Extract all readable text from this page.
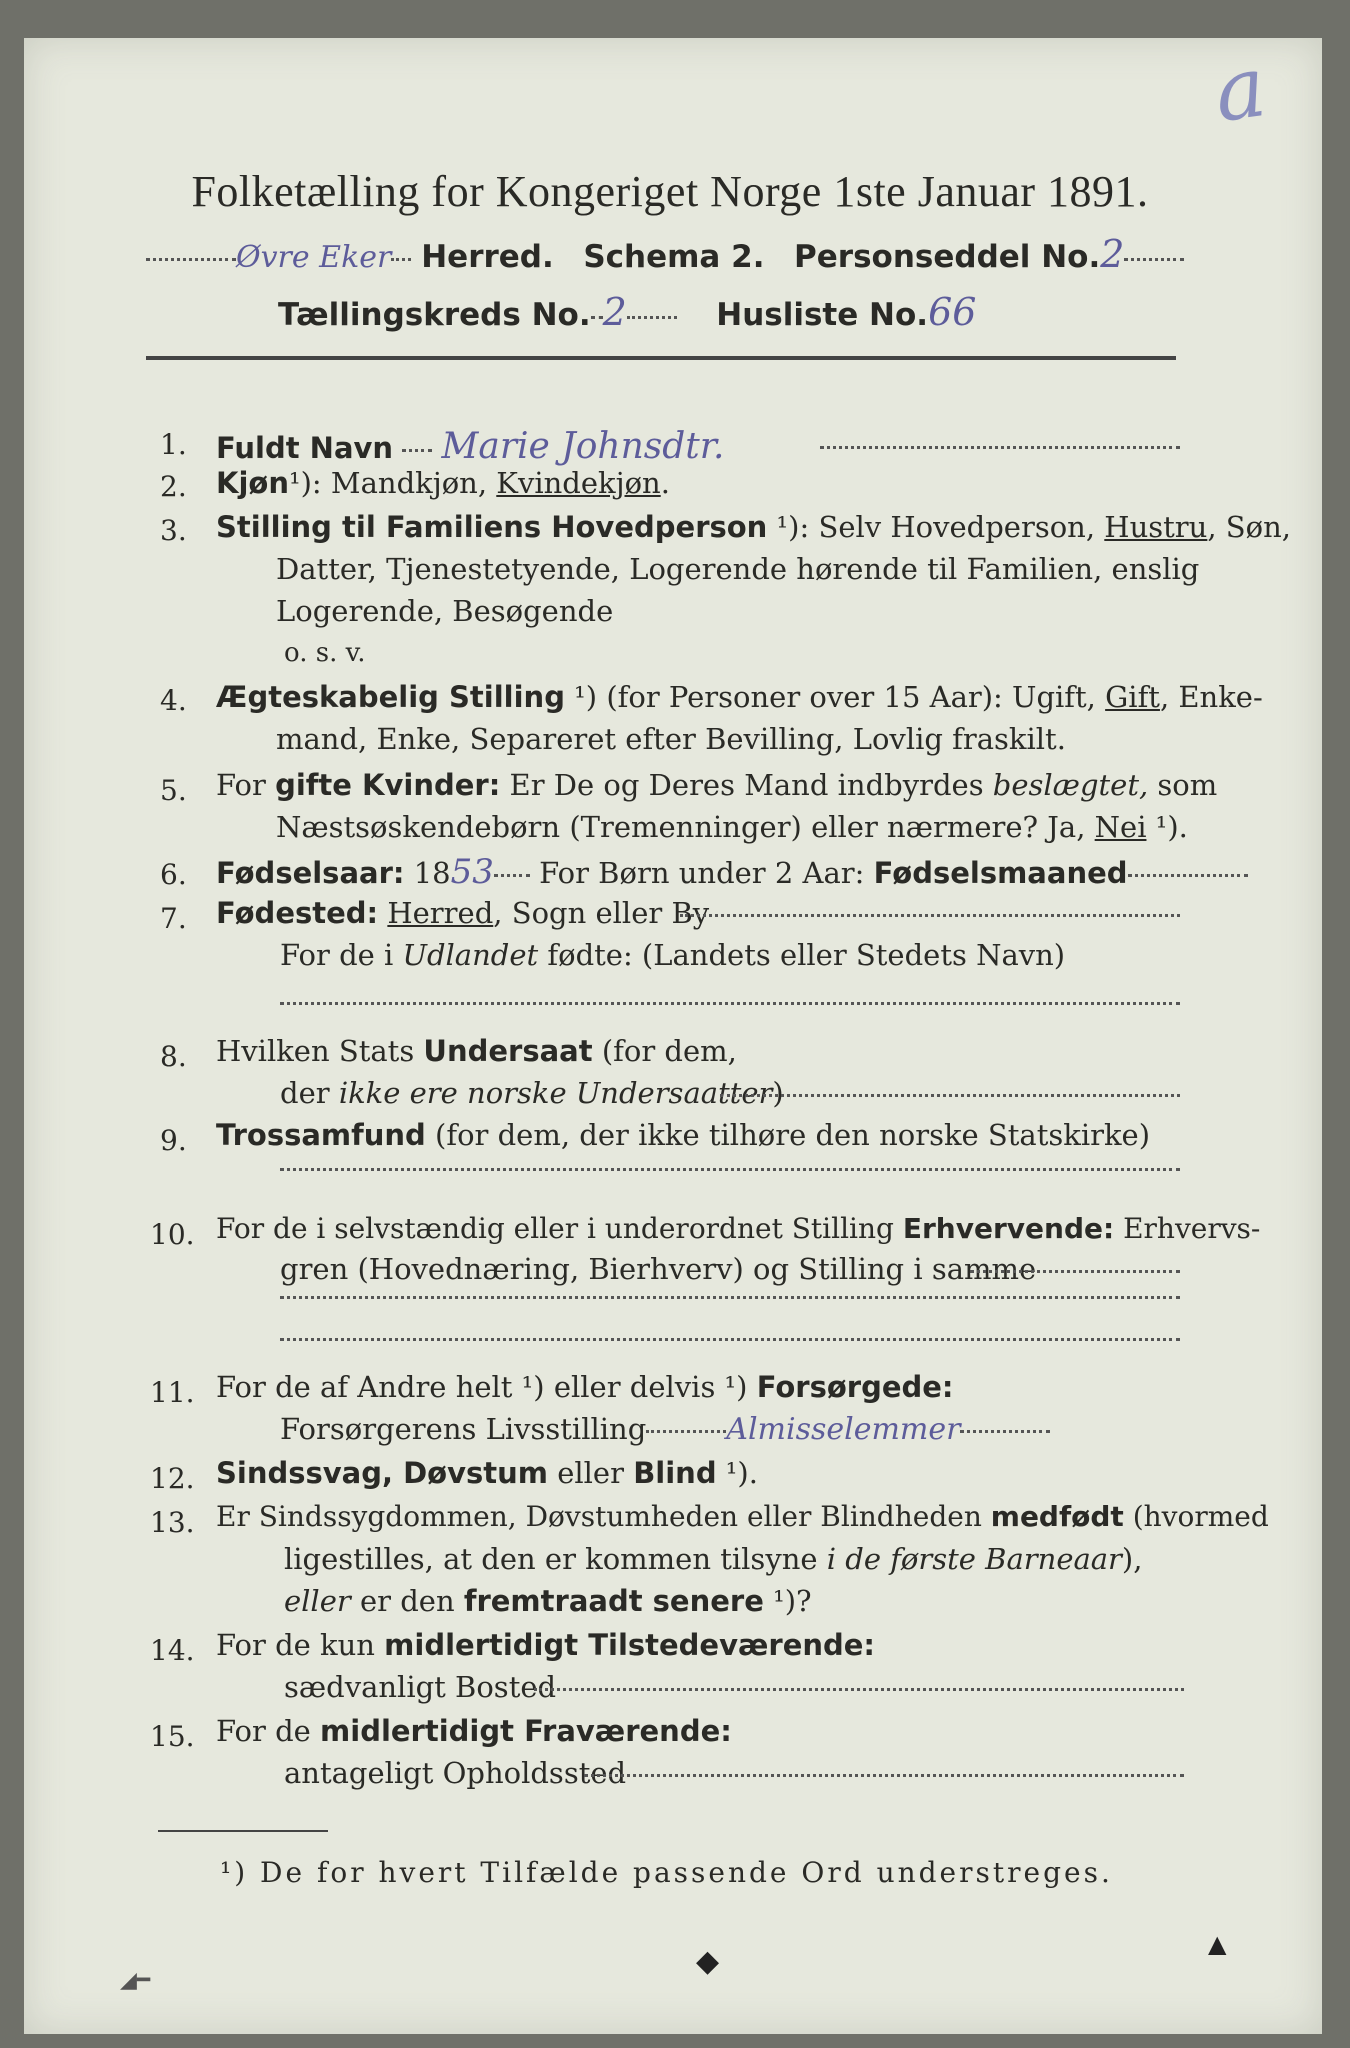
a
Folketælling for Kongeriget Norge 1ste Januar 1891.
Øvre Eker Herred. Schema 2. Personseddel No.2
Tællingskreds No. 2	Husliste No.66
1. Fuldt Navn Marie Johnsdtr.
2. Kjøn¹): Mandkjøn, Kvindekjøn.
3. Stilling til Familiens Hovedperson ¹): Selv Hovedperson, Hustru, Søn,
Datter, Tjenestetyende, Logerende hørende til Familien, enslig
Logerende, Besøgende
o. s. v.
4. Ægteskabelig Stilling ¹) (for Personer over 15 Aar): Ugift, Gift, Enke-
mand, Enke, Separeret efter Bevilling, Lovlig fraskilt.
5. For gifte Kvinder: Er De og Deres Mand indbyrdes beslægtet, som
Næstsøskendebørn (Tremenninger) eller nærmere? Ja, Nei ¹).
6. Fødselsaar: 1853 For Børn under 2 Aar: Fødselsmaaned
7. Fødested: Herred, Sogn eller By
For de i Udlandet fødte: (Landets eller Stedets Navn)
8. Hvilken Stats Undersaat (for dem,
der ikke ere norske Undersaatter)
9. Trossamfund (for dem, der ikke tilhøre den norske Statskirke)
10. For de i selvstændig eller i underordnet Stilling Erhvervende: Erhvervs-
gren (Hovednæring, Bierhverv) og Stilling i samme
11. For de af Andre helt ¹) eller delvis ¹) Forsørgede:
Forsørgerens Livsstilling	Almisselemmer
12. Sindssvag, Døvstum eller Blind ¹).
13. Er Sindssygdommen, Døvstumheden eller Blindheden medfødt (hvormed
ligestilles, at den er kommen tilsyne i de første Barneaar),
eller er den fremtraadt senere ¹)?
14. For de kun midlertidigt Tilstedeværende:
sædvanligt Bosted
15. For de midlertidigt Fraværende:
antageligt Opholdssted
¹) De for hvert Tilfælde passende Ord understreges.
◆	▲
◢━
